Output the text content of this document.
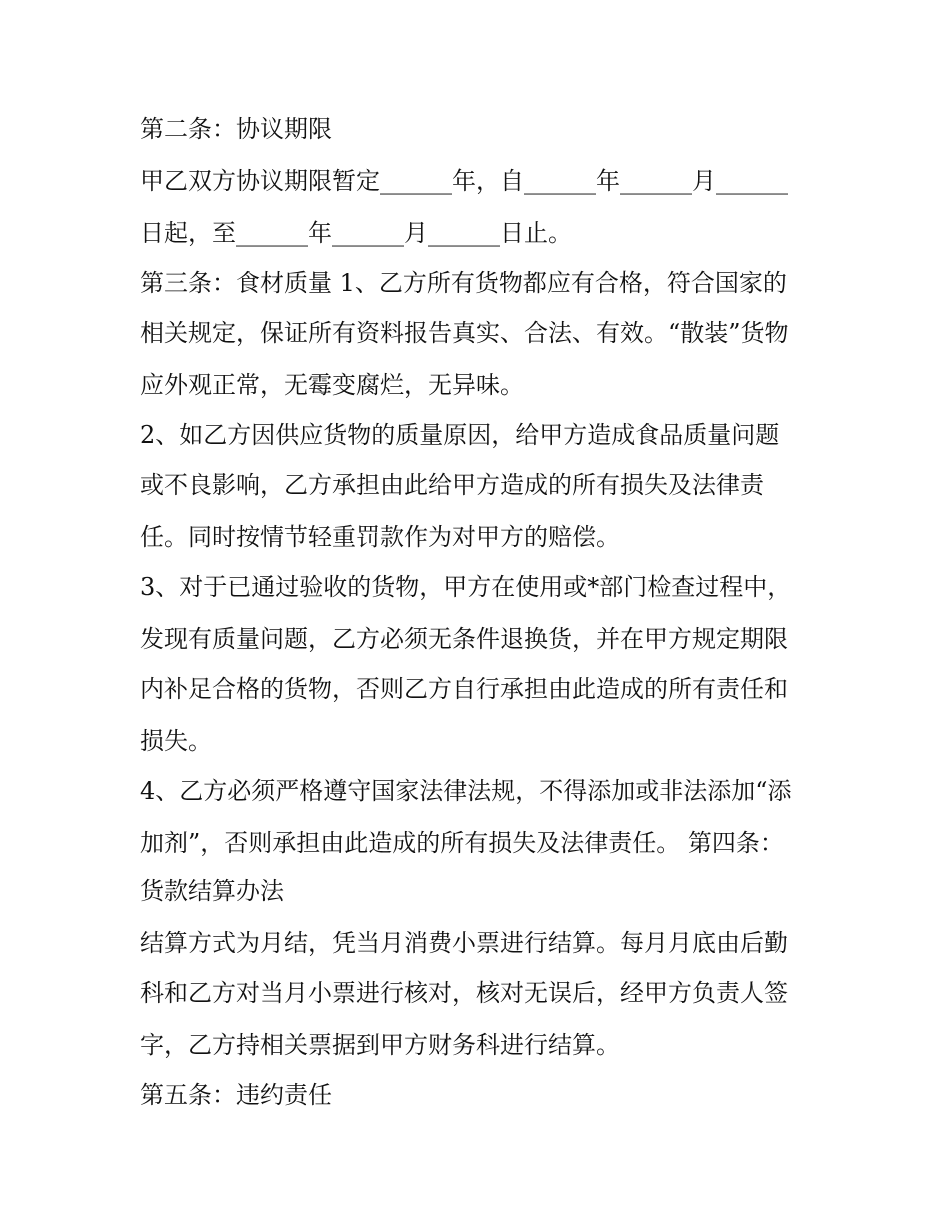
第二条：协议期限
甲乙双方协议期限暂定______年，自______年______月______
日起，至______年______月______日止。
第三条：食材质量 1、乙方所有货物都应有合格，符合国家的
相关规定，保证所有资料报告真实、合法、有效。“散装”货物
应外观正常，无霉变腐烂，无异味。
2、如乙方因供应货物的质量原因，给甲方造成食品质量问题
或不良影响，乙方承担由此给甲方造成的所有损失及法律责
任。同时按情节轻重罚款作为对甲方的赔偿。
3、对于已通过验收的货物，甲方在使用或*部门检查过程中，
发现有质量问题，乙方必须无条件退换货，并在甲方规定期限
内补足合格的货物，否则乙方自行承担由此造成的所有责任和
损失。
4、乙方必须严格遵守国家法律法规，不得添加或非法添加“添
加剂”，否则承担由此造成的所有损失及法律责任。 第四条：
货款结算办法
结算方式为月结，凭当月消费小票进行结算。每月月底由后勤
科和乙方对当月小票进行核对，核对无误后，经甲方负责人签
字，乙方持相关票据到甲方财务科进行结算。
第五条：违约责任
